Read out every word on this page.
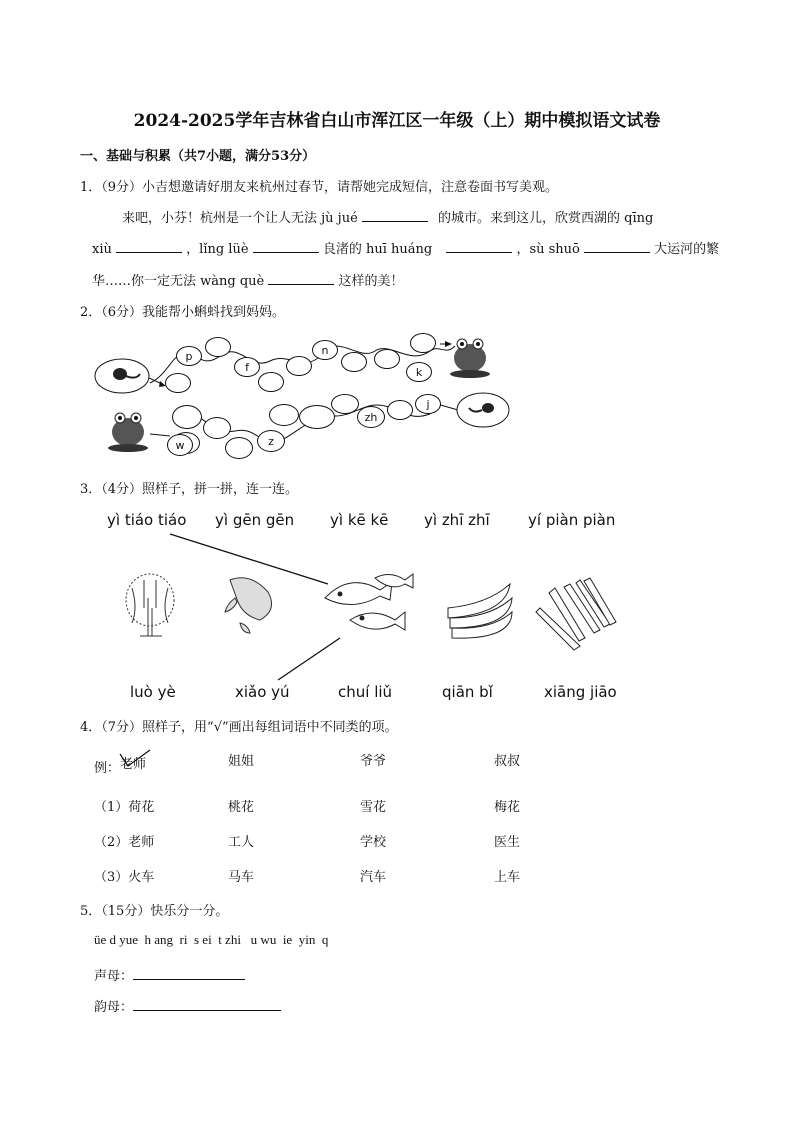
2024-2025学年吉林省白山市浑江区一年级（上）期中模拟语文试卷
一、基础与积累（共7小题，满分53分）
1．（9分）小吉想邀请好朋友来杭州过春节，请帮她完成短信，注意卷面书写美观。
来吧，小芬！杭州是一个让人无法 jù jué	的城市。来到这儿，欣赏西湖的 qīng
xiù	，lǐng lüè	良渚的 huī huáng	，sù shuō	大运河的繁
华……你一定无法 wàng què	这样的美！
2．（6分）我能帮小蝌蚪找到妈妈。
p
f
n
k
j
zh
z
w
3．（4分）照样子，拼一拼，连一连。
yì tiáo tiáo yì gēn gēn yì kē kē yì zhī zhī	yí piàn piàn
luò yè	xiǎo yú	chuí liǔ	qiān bǐ	xiāng jiāo
4．（7分）照样子，用“√”画出每组词语中不同类的项。
例： 老师	姐姐	爷爷	叔叔
（1）荷花	桃花	雪花	梅花
（2）老师	工人	学校	医生
（3）火车	马车	汽车	上车
5．（15分）快乐分一分。
üe d yue  h ang  ri  s ei  t zhi   u wu  ie  yin  q
声母：
韵母：
